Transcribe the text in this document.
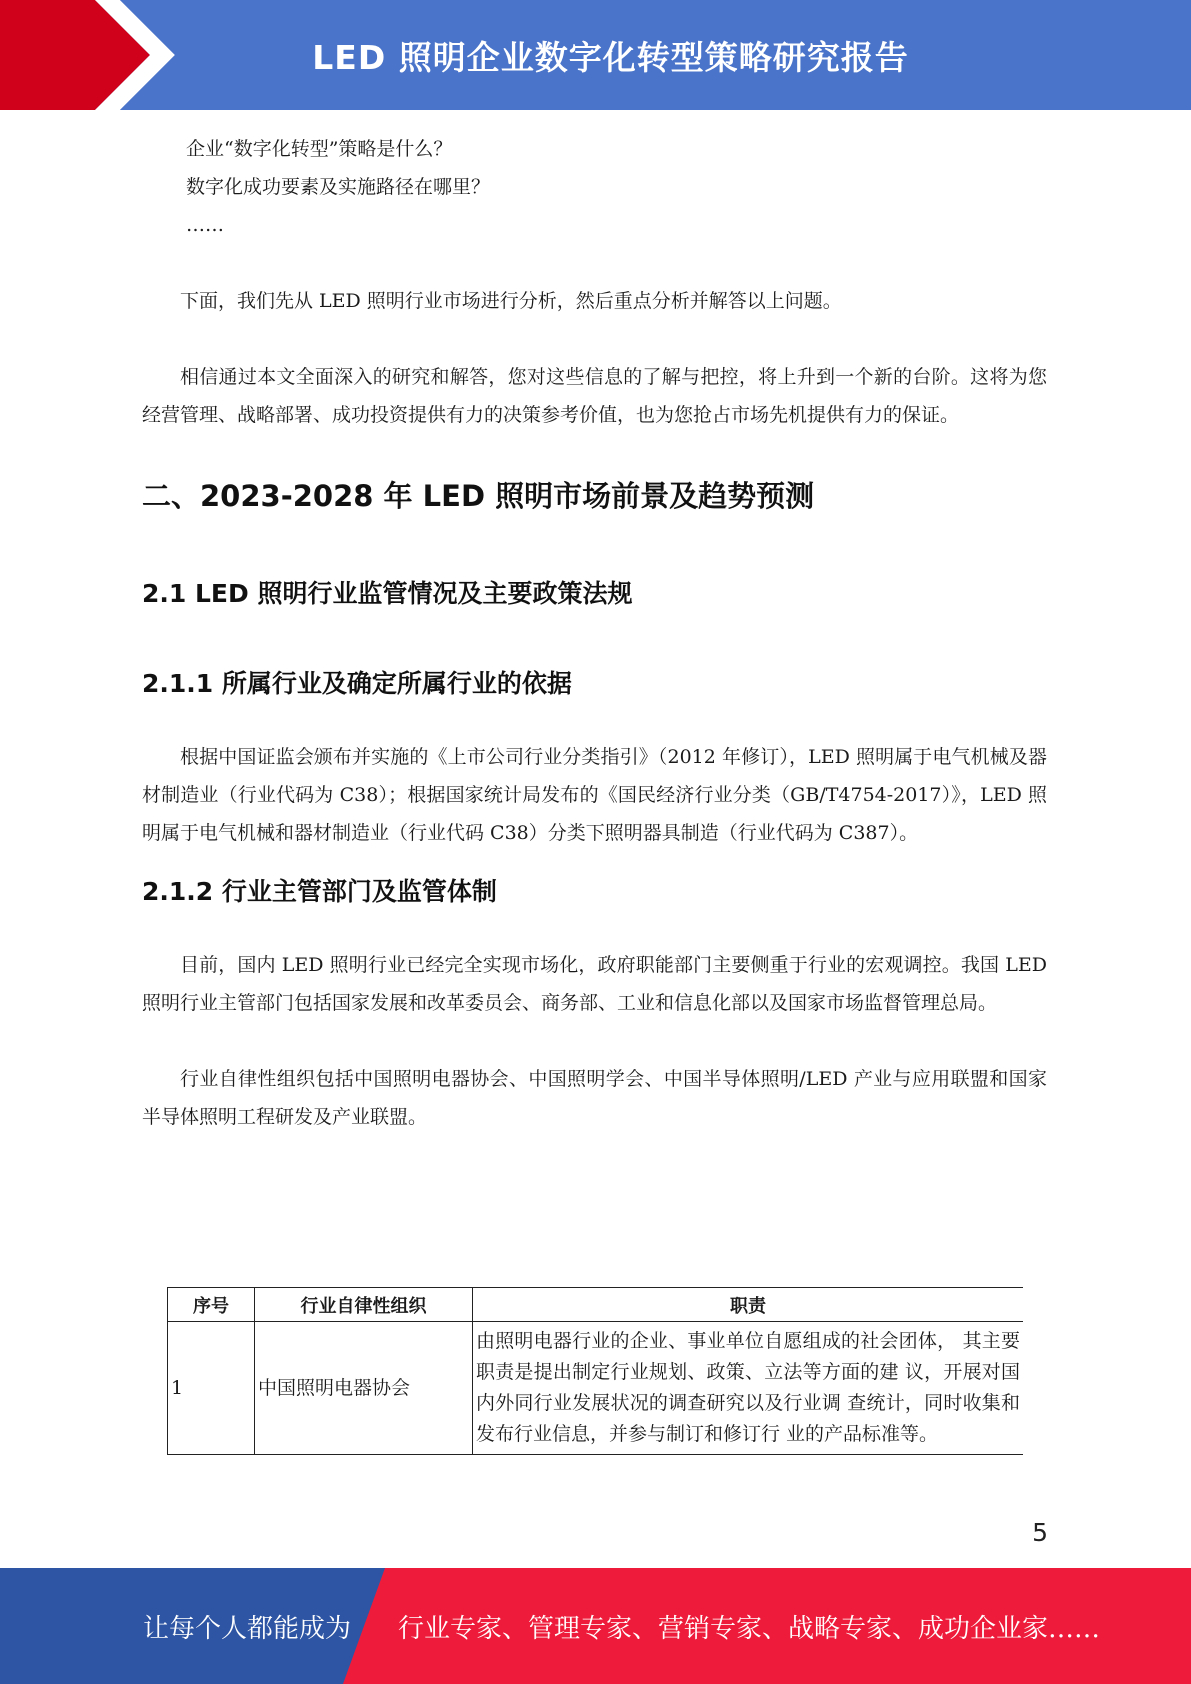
LED 照明企业数字化转型策略研究报告

企业“数字化转型”策略是什么？

数字化成功要素及实施路径在哪里？

……

下面，我们先从 LED 照明行业市场进行分析，然后重点分析并解答以上问题。

相信通过本文全面深入的研究和解答，您对这些信息的了解与把控，将上升到一个新的台阶。这将为您经营管理、战略部署、成功投资提供有力的决策参考价值，也为您抢占市场先机提供有力的保证。

二、2023-2028 年 LED 照明市场前景及趋势预测
2.1 LED 照明行业监管情况及主要政策法规
2.1.1 所属行业及确定所属行业的依据

根据中国证监会颁布并实施的《上市公司行业分类指引》（2012 年修订），LED 照明属于电气机械及器材制造业（行业代码为 C38）；根据国家统计局发布的《国民经济行业分类（GB/T4754-2017）》，LED 照明属于电气机械和器材制造业（行业代码 C38）分类下照明器具制造（行业代码为 C387）。

2.1.2 行业主管部门及监管体制

目前，国内 LED 照明行业已经完全实现市场化，政府职能部门主要侧重于行业的宏观调控。我国 LED 照明行业主管部门包括国家发展和改革委员会、商务部、工业和信息化部以及国家市场监督管理总局。

行业自律性组织包括中国照明电器协会、中国照明学会、中国半导体照明/LED 产业与应用联盟和国家半导体照明工程研发及产业联盟。

序号	行业自律性组织	职责
1	中国照明电器协会	由照明电器行业的企业、事业单位自愿组成的社会团体， 其主要职责是提出制定行业规划、政策、立法等方面的建 议，开展对国内外同行业发展状况的调查研究以及行业调 查统计，同时收集和发布行业信息，并参与制订和修订行 业的产品标准等。
5
让每个人都能成为 行业专家、管理专家、营销专家、战略专家、成功企业家……
